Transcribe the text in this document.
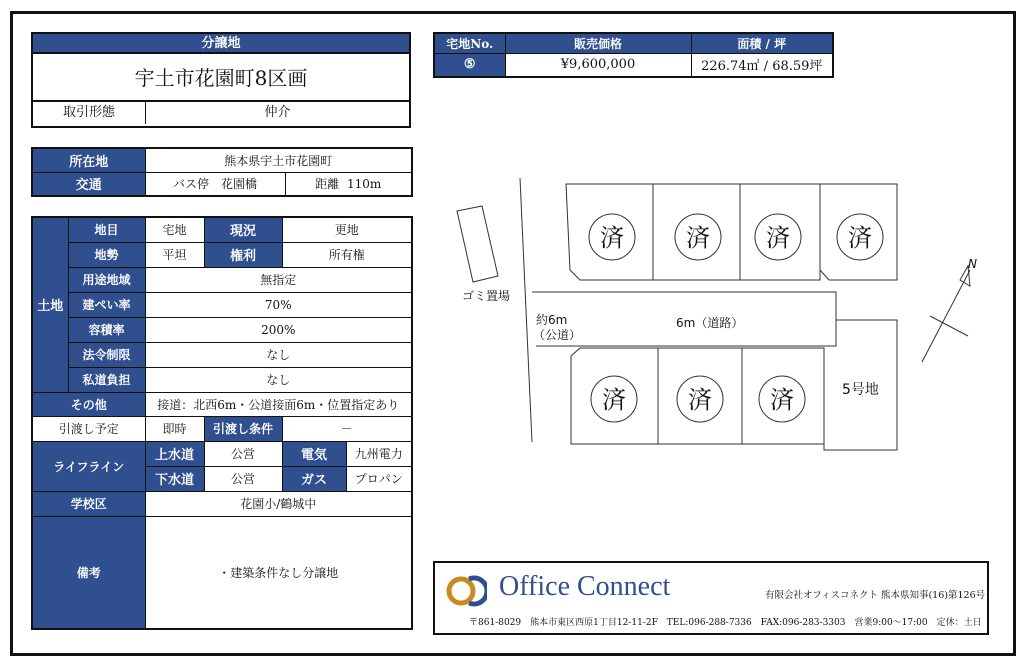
分譲地
宇土市花園町8区画
取引形態	仲介
宅地No.	販売価格	面積 / 坪
⑤	¥9,600,000	226.74㎡ / 68.59坪
所在地	熊本県宇土市花園町	
交通	バス停　花園橋	距離 110m
土地	地目	宅地	現況	更地	
	地勢	平坦	権利	所有権	
	用途地域	無指定			
	建ぺい率	70%			
	容積率	200%			
	法令制限	なし			
	私道負担	なし			
その他		接道：北西6m・公道接面6m・位置指定あり			
引渡し予定		即時	引渡し条件	－	
ライフライン		上水道	公営	電気	九州電力
		下水道	公営	ガス	プロパン
学校区		花園小/鶴城中			
備考		・建築条件なし分譲地			
済	済 済 済
済	済 済
ゴミ置場
約6m
（公道）
6m（道路）
5号地
N
Office Connect	有限会社オフィスコネクト 熊本県知事(16)第126号
〒861-8029　熊本市東区西原1丁目12-11-2F　TEL:096-288-7336　FAX:096-283-3303　営業9:00～17:00　定休：土日
